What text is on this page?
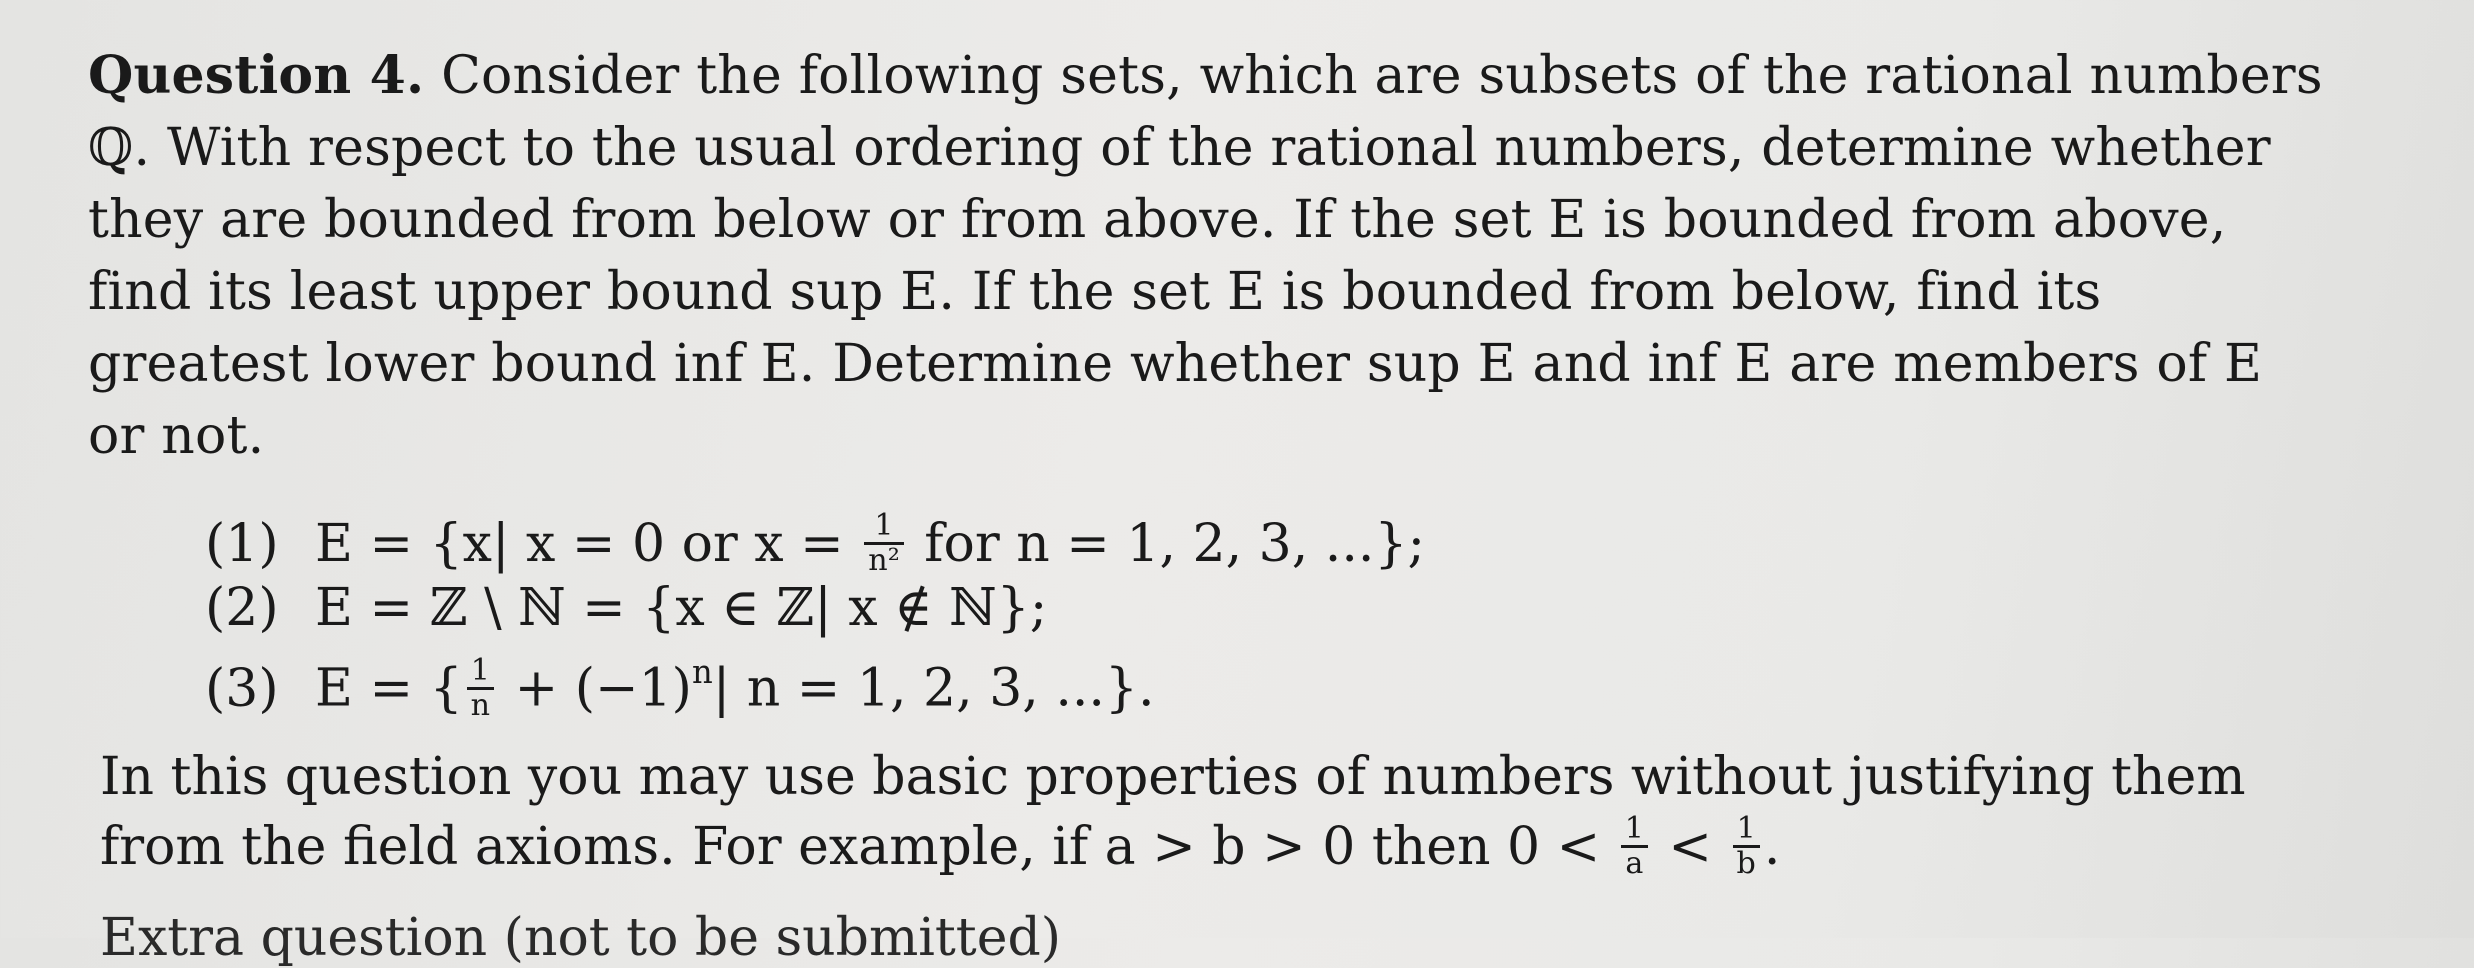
Question 4. Consider the following sets, which are subsets of the rational numbers
ℚ. With respect to the usual ordering of the rational numbers, determine whether
they are bounded from below or from above. If the set E is bounded from above,
find its least upper bound sup E. If the set E is bounded from below, find its
greatest lower bound inf E. Determine whether sup E and inf E are members of E
or not.
(1) E = {x| x = 0 or $x = \frac{1}{\text{n²}}$ for n = 1, 2, 3, ...};
(2) E = ℤ \ ℕ = {x ∈ ℤ| x ∉ ℕ};
(3) E = { $\frac{1}{n} + (-1)^n|$ n = 1, 2, 3, ...}.
In this question you may use basic properties of numbers without justifying them
from the field axioms. For example, if a > b > 0 then $0 < \frac{1}{a} < \frac{1}{b}$ .
Extra question (not to be submitted)
